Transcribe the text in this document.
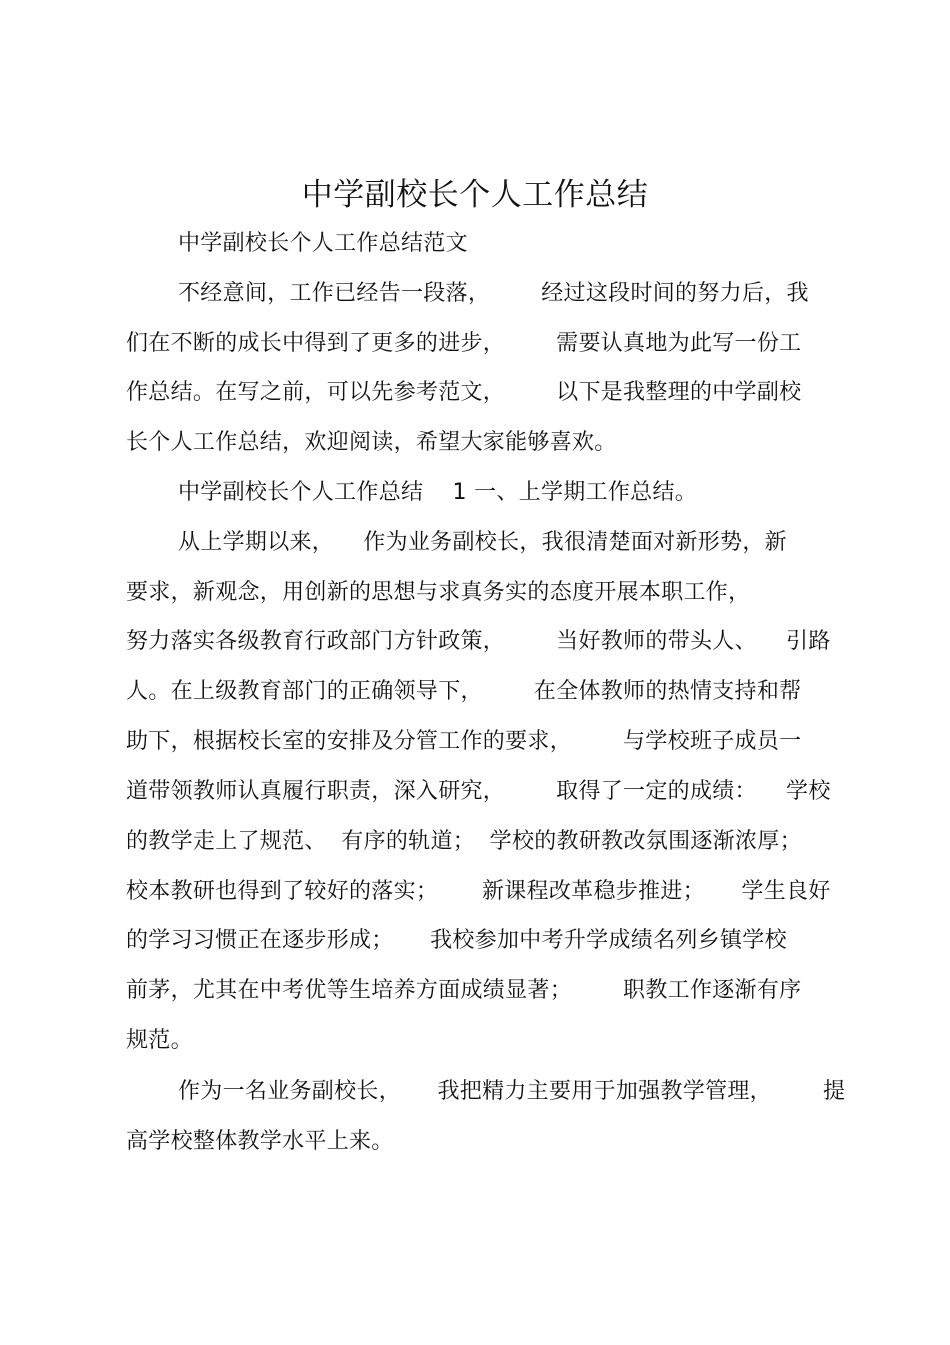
中学副校长个人工作总结
中学副校长个人工作总结范文
不经意间，工作已经告一段落，       经过这段时间的努力后，我
们在不断的成长中得到了更多的进步，       需要认真地为此写一份工
作总结。在写之前，可以先参考范文，       以下是我整理的中学副校
长个人工作总结，欢迎阅读，希望大家能够喜欢。
中学副校长个人工作总结    1 一、上学期工作总结。
从上学期以来，    作为业务副校长，我很清楚面对新形势，新
要求，新观念，用创新的思想与求真务实的态度开展本职工作，
努力落实各级教育行政部门方针政策，       当好教师的带头人、    引路
人。在上级教育部门的正确领导下，       在全体教师的热情支持和帮
助下，根据校长室的安排及分管工作的要求，       与学校班子成员一
道带领教师认真履行职责，深入研究，       取得了一定的成绩：    学校
的教学走上了规范、  有序的轨道；  学校的教研教改氛围逐渐浓厚；
校本教研也得到了较好的落实；      新课程改革稳步推进；     学生良好
的学习习惯正在逐步形成；     我校参加中考升学成绩名列乡镇学校
前茅，尤其在中考优等生培养方面成绩显著；       职教工作逐渐有序
规范。
作为一名业务副校长，     我把精力主要用于加强教学管理，       提
高学校整体教学水平上来。
